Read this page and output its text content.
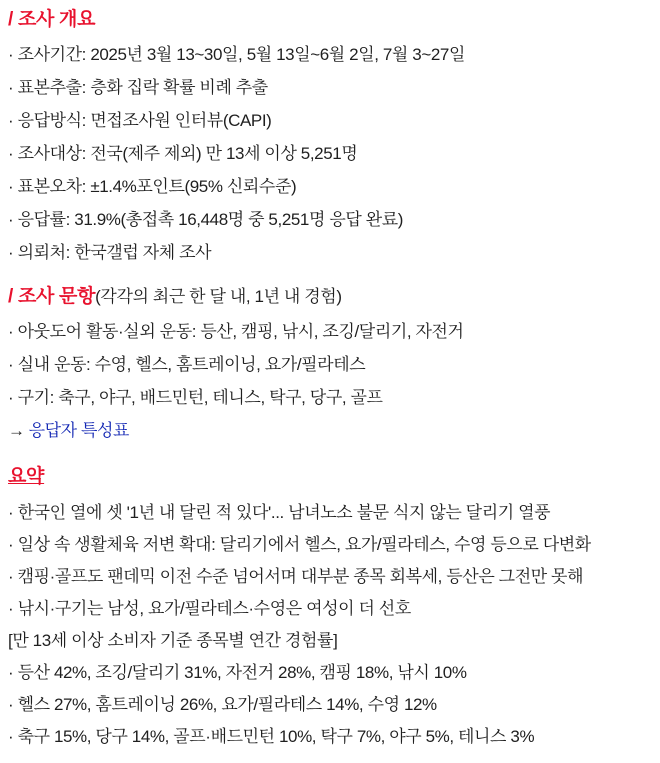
/ 조사 개요

· 조사기간: 2025년 3월 13~30일, 5월 13일~6월 2일, 7월 3~27일

· 표본추출: 층화 집락 확률 비례 추출

· 응답방식: 면접조사원 인터뷰(CAPI)

· 조사대상: 전국(제주 제외) 만 13세 이상 5,251명

· 표본오차: ±1.4%포인트(95% 신뢰수준)

· 응답률: 31.9%(총접촉 16,448명 중 5,251명 응답 완료)

· 의뢰처: 한국갤럽 자체 조사

/ 조사 문항(각각의 최근 한 달 내, 1년 내 경험)

· 아웃도어 활동·실외 운동: 등산, 캠핑, 낚시, 조깅/달리기, 자전거

· 실내 운동: 수영, 헬스, 홈트레이닝, 요가/필라테스

· 구기: 축구, 야구, 배드민턴, 테니스, 탁구, 당구, 골프

→ 응답자 특성표

요약

· 한국인 열에 셋 '1년 내 달린 적 있다'... 남녀노소 불문 식지 않는 달리기 열풍

· 일상 속 생활체육 저변 확대: 달리기에서 헬스, 요가/필라테스, 수영 등으로 다변화

· 캠핑·골프도 팬데믹 이전 수준 넘어서며 대부분 종목 회복세, 등산은 그전만 못해

· 낚시·구기는 남성, 요가/필라테스·수영은 여성이 더 선호

[만 13세 이상 소비자 기준 종목별 연간 경험률]

· 등산 42%, 조깅/달리기 31%, 자전거 28%, 캠핑 18%, 낚시 10%

· 헬스 27%, 홈트레이닝 26%, 요가/필라테스 14%, 수영 12%

· 축구 15%, 당구 14%, 골프·배드민턴 10%, 탁구 7%, 야구 5%, 테니스 3%
